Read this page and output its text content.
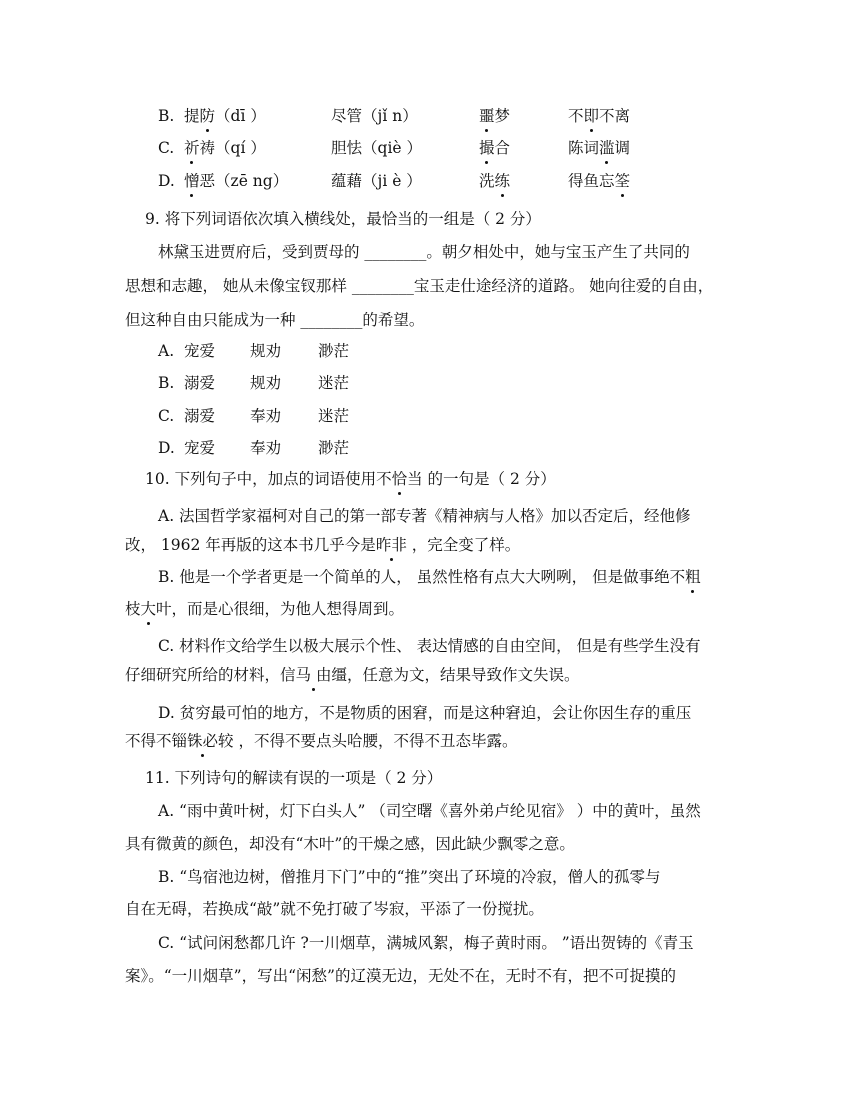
B. 提防（dī ）	尽管（jǐ n）	噩梦	不即不离
C. 祈祷（qí ）	胆怯（qiè ）	撮合	陈词滥调
D. 憎恶（zē ng）	蕴藉（ji è ）	洗练	得鱼忘筌
9. 将下列词语依次填入横线处，最恰当的一组是（ 2 分）
林黛玉进贾府后，受到贾母的 ________。朝夕相处中，她与宝玉产生了共同的
思想和志趣， 她从未像宝钗那样 ________宝玉走仕途经济的道路。 她向往爱的自由，
但这种自由只能成为一种 ________的希望。
A. 宠爱 规劝 渺茫
B. 溺爱 规劝 迷茫
C. 溺爱 奉劝 迷茫
D. 宠爱 奉劝 渺茫
10. 下列句子中，加点的词语使用不恰当 的一句是（ 2 分）
A. 法国哲学家福柯对自己的第一部专著《精神病与人格》加以否定后，经他修
改， 1962 年再版的这本书几乎今是昨非 ，完全变了样。
B. 他是一个学者更是一个简单的人， 虽然性格有点大大咧咧， 但是做事绝不粗
枝大叶，而是心很细，为他人想得周到。
C. 材料作文给学生以极大展示个性、 表达情感的自由空间， 但是有些学生没有
仔细研究所给的材料，信马 由缰，任意为文，结果导致作文失误。
D. 贫穷最可怕的地方，不是物质的困窘，而是这种窘迫，会让你因生存的重压
不得不锱铢必较 ，不得不要点头哈腰，不得不丑态毕露。
11. 下列诗句的解读有误的一项是（ 2 分）
A. “雨中黄叶树，灯下白头人” （司空曙《喜外弟卢纶见宿》 ）中的黄叶，虽然
具有微黄的颜色，却没有“木叶”的干燥之感，因此缺少飘零之意。
B. “鸟宿池边树，僧推月下门”中的“推”突出了环境的冷寂，僧人的孤零与
自在无碍，若换成“敲”就不免打破了岑寂，平添了一份搅扰。
C. “试问闲愁都几许 ?一川烟草，满城风絮，梅子黄时雨。 ”语出贺铸的《青玉
案》。“一川烟草”，写出“闲愁”的辽漠无边，无处不在，无时不有，把不可捉摸的
